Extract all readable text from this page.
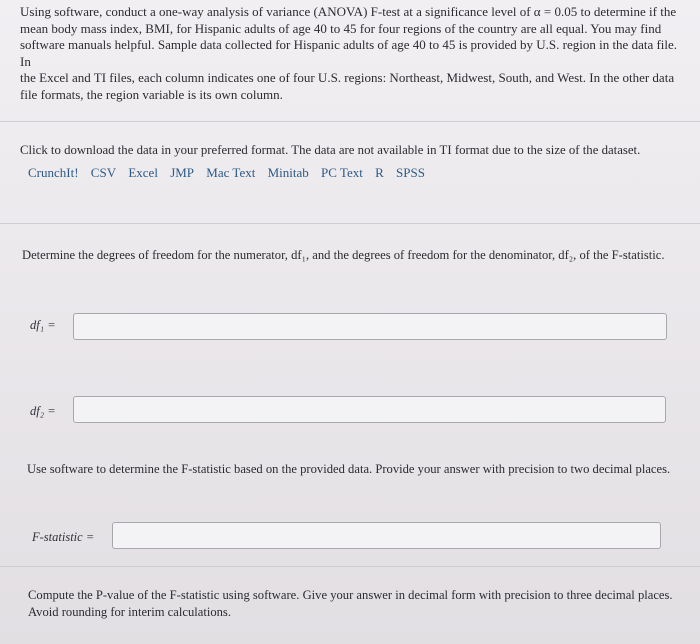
Using software, conduct a one-way analysis of variance (ANOVA) F-test at a significance level of α = 0.05 to determine if the
mean body mass index, BMI, for Hispanic adults of age 40 to 45 for four regions of the country are all equal. You may find
software manuals helpful. Sample data collected for Hispanic adults of age 40 to 45 is provided by U.S. region in the data file. In
the Excel and TI files, each column indicates one of four U.S. regions: Northeast, Midwest, South, and West. In the other data
file formats, the region variable is its own column.
Click to download the data in your preferred format. The data are not available in TI format due to the size of the dataset.
CrunchIt! CSV Excel JMP Mac Text Minitab PC Text R SPSS
Determine the degrees of freedom for the numerator, df₁, and the degrees of freedom for the denominator, df₂, of the F-statistic.
df₁ =
df₂ =
Use software to determine the F-statistic based on the provided data. Provide your answer with precision to two decimal places.
F-statistic =
Compute the P-value of the F-statistic using software. Give your answer in decimal form with precision to three decimal places.
Avoid rounding for interim calculations.
